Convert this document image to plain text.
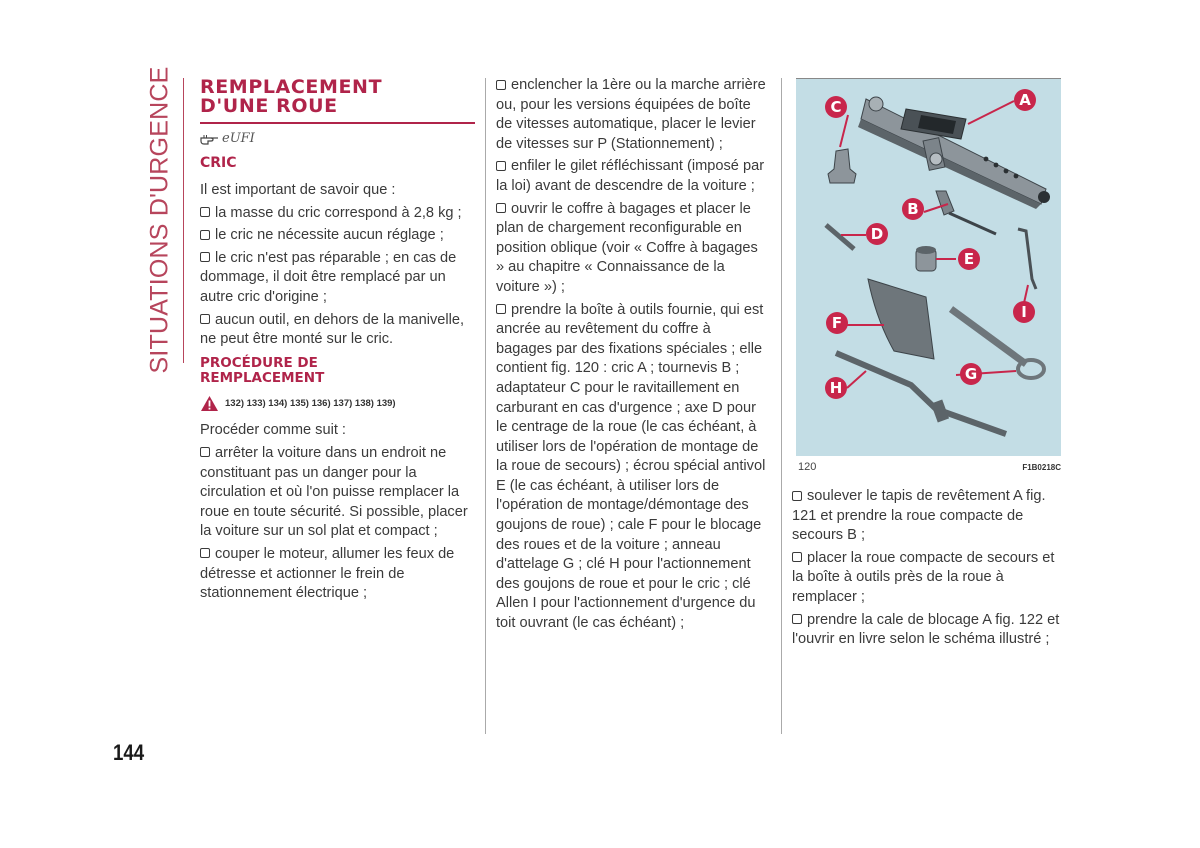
SITUATIONS D'URGENCE REMPLACEMENT
D'UNE ROUE
eUFI
CRIC

Il est important de savoir que :

la masse du cric correspond à 2,8 kg ;

le cric ne nécessite aucun réglage ;

le cric n'est pas réparable ; en cas de dommage, il doit être remplacé par un autre cric d'origine ;

aucun outil, en dehors de la manivelle, ne peut être monté sur le cric.

PROCÉDURE DE
REMPLACEMENT
132) 133) 134) 135) 136) 137) 138) 139)

Procéder comme suit :

arrêter la voiture dans un endroit ne constituant pas un danger pour la circulation et où l'on puisse remplacer la roue en toute sécurité. Si possible, placer la voiture sur un sol plat et compact ;

couper le moteur, allumer les feux de détresse et actionner le frein de stationnement électrique ;

enclencher la 1ère ou la marche arrière ou, pour les versions équipées de boîte de vitesses automatique, placer le levier de vitesses sur P (Stationnement) ;

enfiler le gilet réfléchissant (imposé par la loi) avant de descendre de la voiture ;

ouvrir le coffre à bagages et placer le plan de chargement reconfigurable en position oblique (voir « Coffre à bagages » au chapitre « Connaissance de la voiture ») ;

prendre la boîte à outils fournie, qui est ancrée au revêtement du coffre à bagages par des fixations spéciales ; elle contient fig. 120 : cric A ; tournevis B ; adaptateur C pour le ravitaillement en carburant en cas d'urgence ; axe D pour le centrage de la roue (le cas échéant, à utiliser lors de l'opération de montage de la roue de secours) ; écrou spécial antivol E (le cas échéant, à utiliser lors de l'opération de montage/démontage des goujons de roue) ; cale F pour le blocage des roues et de la voiture ; anneau d'attelage G ; clé H pour l'actionnement des goujons de roue et pour le cric ; clé Allen I pour l'actionnement d'urgence du toit ouvrant (le cas échéant) ;

C	A
B
D
E
F
G
H
I
120	F1B0218C

soulever le tapis de revêtement A fig. 121 et prendre la roue compacte de secours B ;

placer la roue compacte de secours et la boîte à outils près de la roue à remplacer ;

prendre la cale de blocage A fig. 122 et l'ouvrir en livre selon le schéma illustré ;

144
